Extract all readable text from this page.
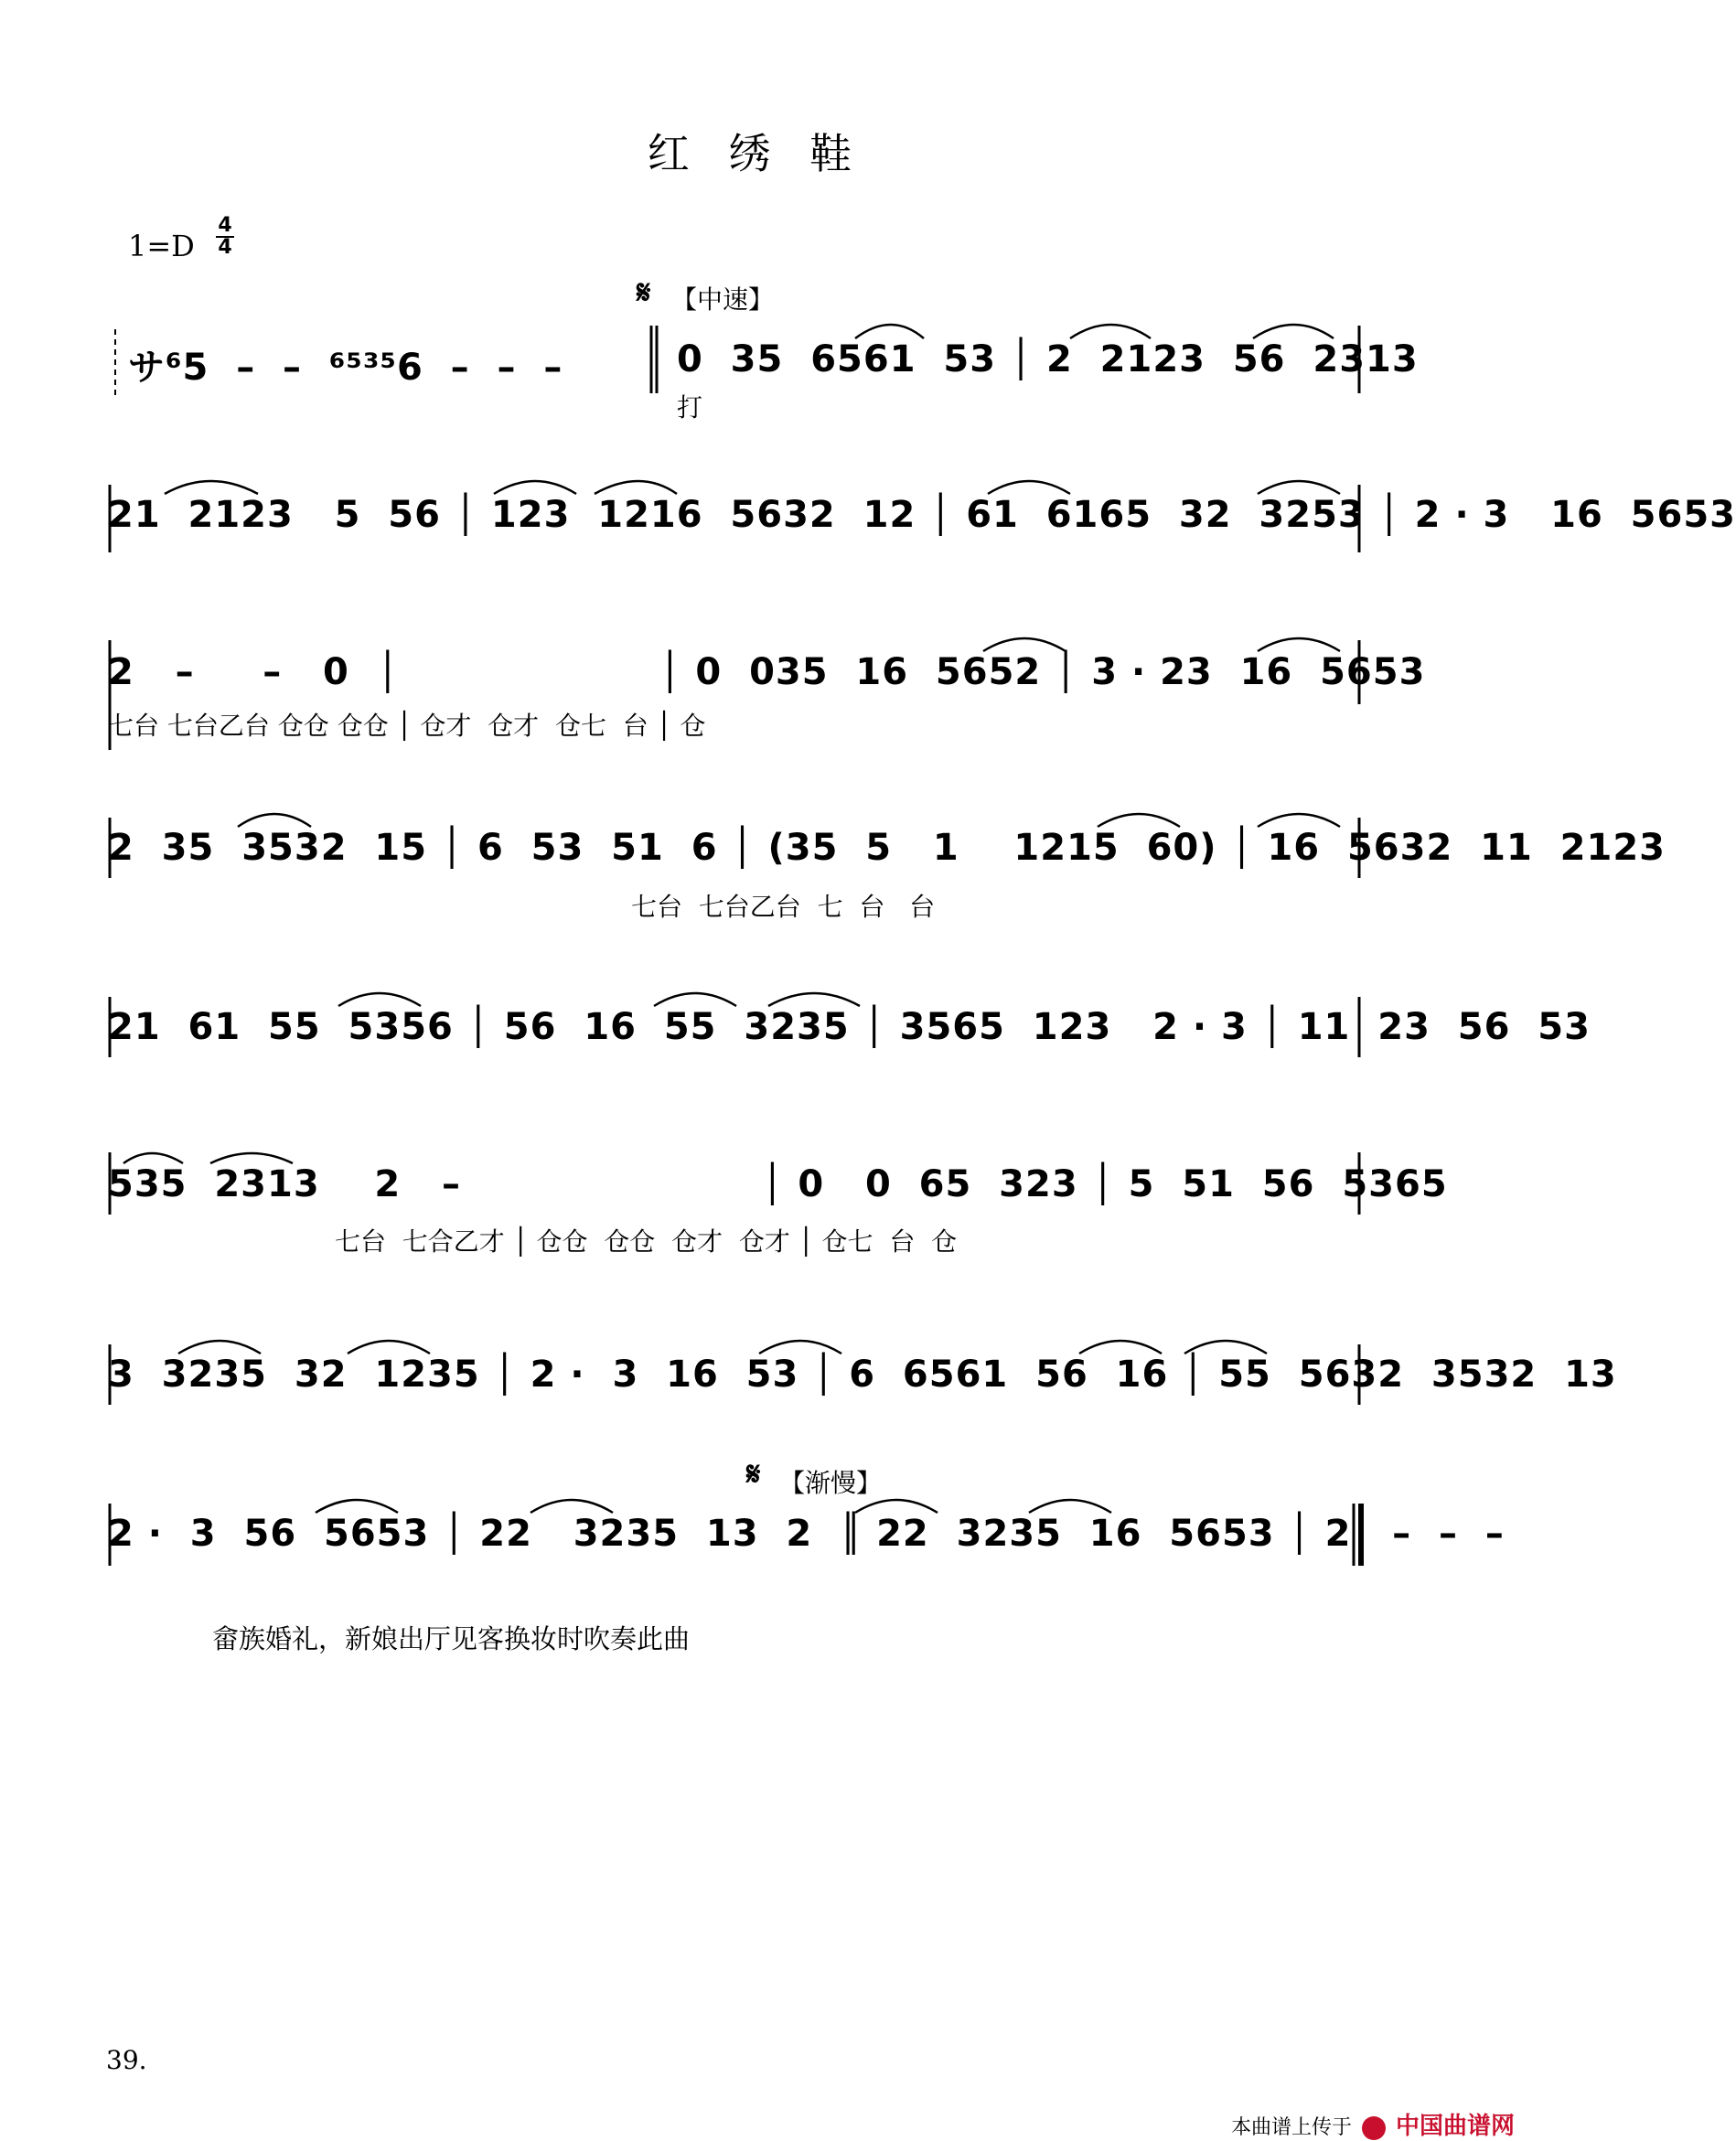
红 绣 鞋
1=D
4
4
𝄋 【中速】
𝄋 【渐慢】
サ⁶5  –  –  ⁶⁵³⁵6  –  –  –	0  35  6561  53 │ 2  2123  56  2313
打
21  2123   5  56 │ 123  1216  5632  12 │ 61  6165  32  3253 │ 2 · 3   16  5653
2   –     –   0  │                   │ 0  035  16  5652 │ 3 · 23  16  5653
七台 七台乙台 仓仓 仓仓 │ 仓才  仓才  仓七  台 │ 仓
2  35  3532  15 │ 6  53  51  6 │ (35  5   1    1215  60) │ 16  5632  11  2123
七台  七台乙台  七  台   台
21  61  55  5356 │ 56  16  55  3235 │ 3565  123   2 · 3 │ 11  23  56  53
535  2313    2   –                      │ 0   0  65  323 │ 5  51  56  5365
七台  七合乙才 │ 仓仓  仓仓  仓才  仓才 │ 仓七  台  仓
3  3235  32  1235 │ 2 ·  3  16  53 │ 6  6561  56  16 │ 55  5632  3532  13
2 ·  3  56  5653 │ 22   3235  13  2  ║ 22  3235  16  5653 │ 2   –  –  –
畲族婚礼，新娘出厅见客换妆时吹奏此曲
39.
本曲谱上传于 中国曲谱网
